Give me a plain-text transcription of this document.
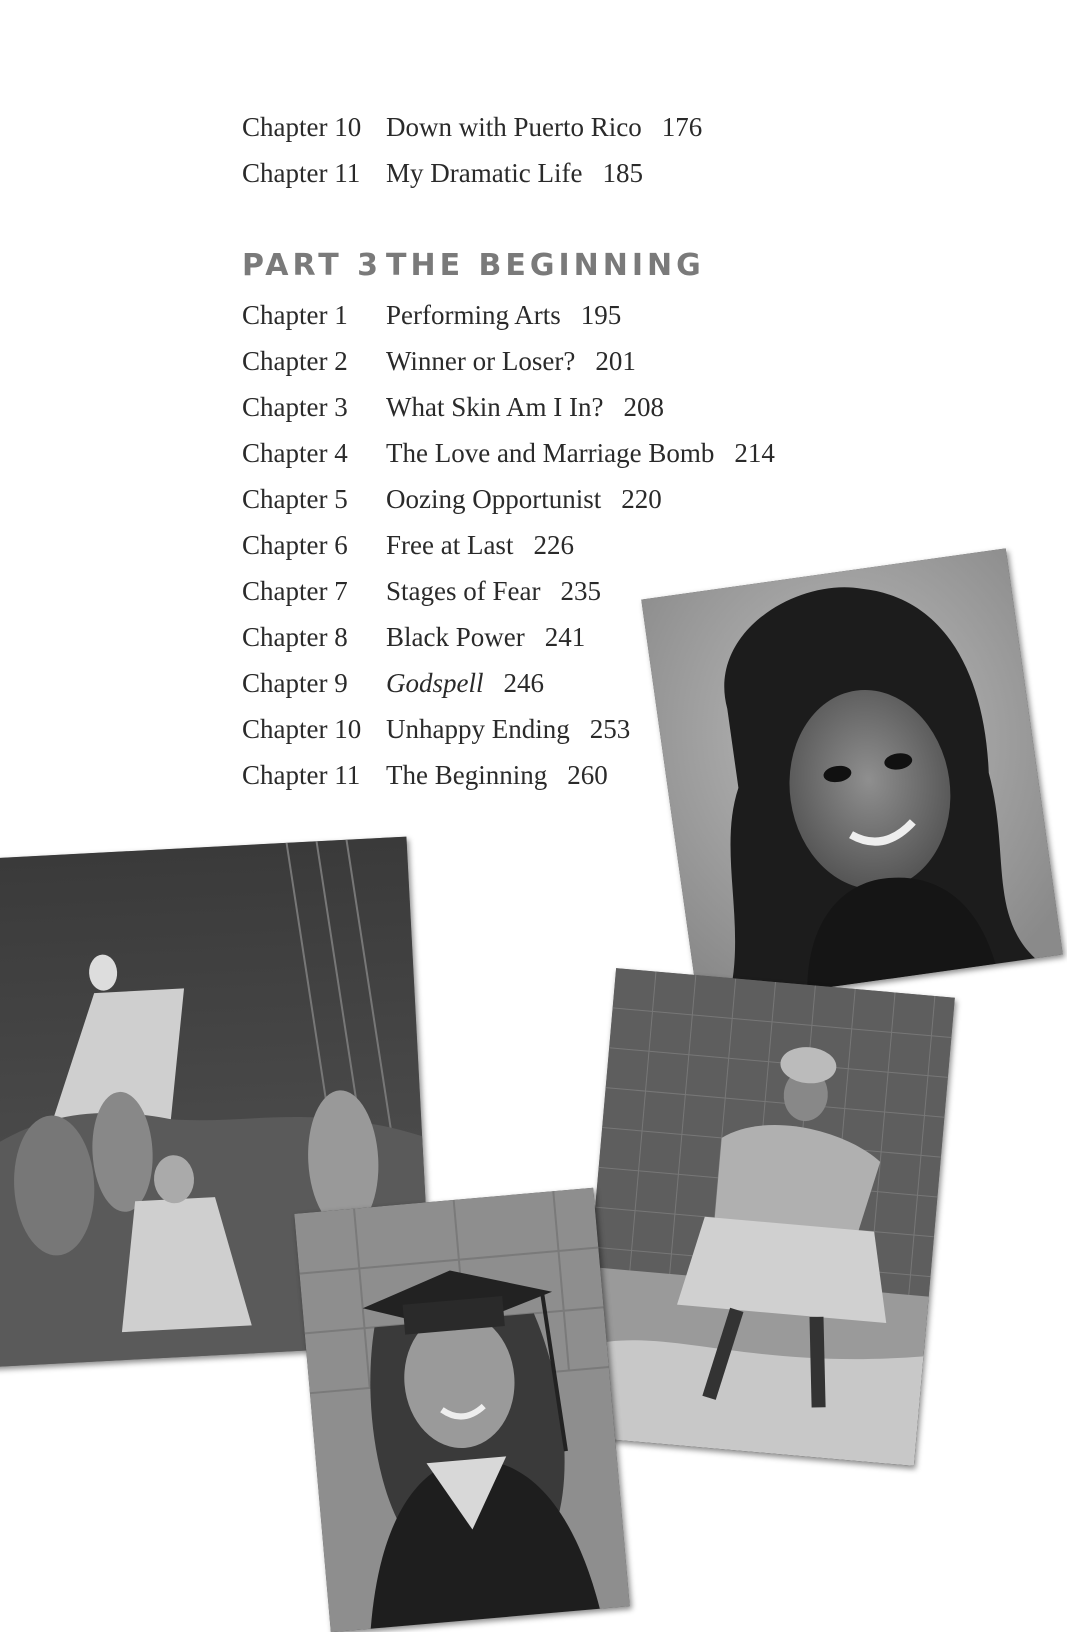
Chapter 10 Down with Puerto Rico 176
Chapter 11 My Dramatic Life 185
PART 3 THE BEGINNING
Chapter 1	Performing Arts 195
Chapter 2	Winner or Loser? 201
Chapter 3	What Skin Am I In? 208
Chapter 4	The Love and Marriage Bomb 214
Chapter 5	Oozing Opportunist 220
Chapter 6	Free at Last 226
Chapter 7	Stages of Fear 235
Chapter 8	Black Power 241
Chapter 9	Godspell 246
Chapter 10 Unhappy Ending 253
Chapter 11 The Beginning 260
